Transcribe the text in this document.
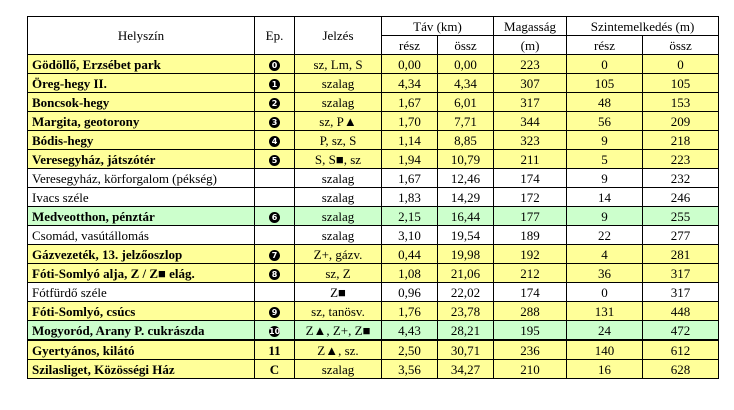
Helyszín	Ep.	Jelzés	Táv (km)		Magasság	Szintemelkedés (m)	
			rész	össz	(m)	rész	össz
Gödöllő, Erzsébet park	0	sz, Lm, S	0,00	0,00	223	0	0
Öreg-hegy II.	1	szalag	4,34	4,34	307	105	105
Boncsok-hegy	2	szalag	1,67	6,01	317	48	153
Margita, geotorony	3	sz, P▲	1,70	7,71	344	56	209
Bódis-hegy	4	P, sz, S	1,14	8,85	323	9	218
Veresegyház, játszótér	5	S, S■, sz	1,94	10,79	211	5	223
Veresegyház, körforgalom (pékség)		szalag	1,67	12,46	174	9	232
Ivacs széle		szalag	1,83	14,29	172	14	246
Medveotthon, pénztár	6	szalag	2,15	16,44	177	9	255
Csomád, vasútállomás		szalag	3,10	19,54	189	22	277
Gázvezeték, 13. jelzőoszlop	7	Z+, gázv.	0,44	19,98	192	4	281
Fóti-Somlyó alja, Z / Z■ elág.	8	sz, Z	1,08	21,06	212	36	317
Fótfürdő széle		Z■	0,96	22,02	174	0	317
Fóti-Somlyó, csúcs	9	sz, tanösv.	1,76	23,78	288	131	448
Mogyoród, Arany P. cukrászda	10	Z▲, Z+, Z■	4,43	28,21	195	24	472
Gyertyános, kilátó	11	Z▲, sz.	2,50	30,71	236	140	612
Szilasliget, Közösségi Ház	C	szalag	3,56	34,27	210	16	628
